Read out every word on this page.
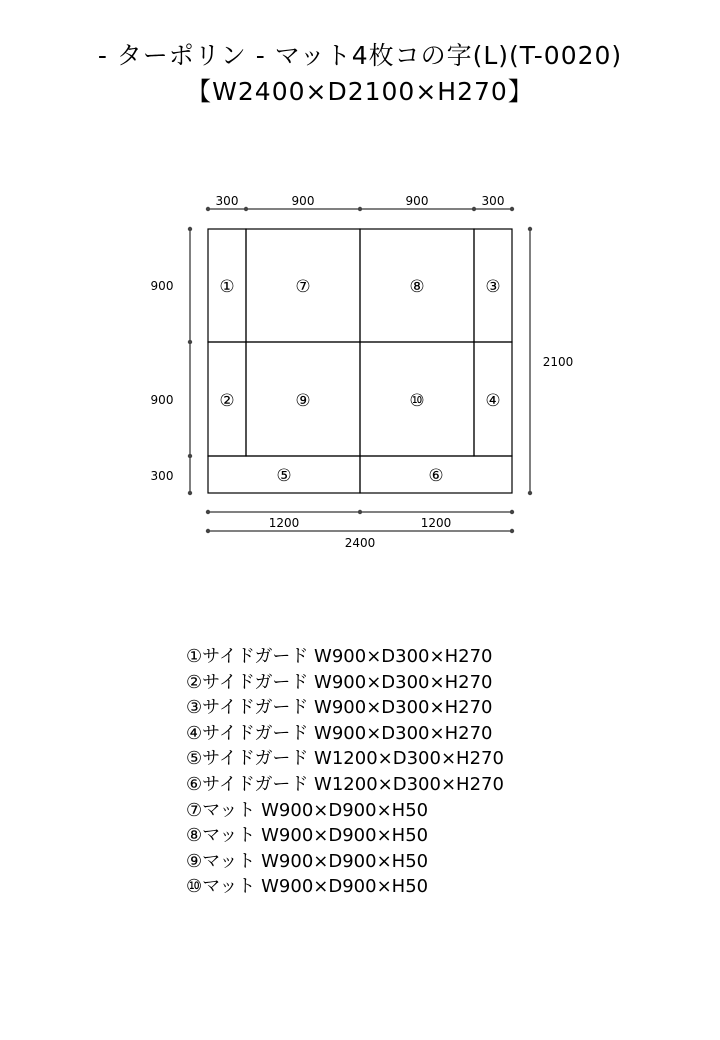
- ターポリン - マット4枚コの字(L)(T-0020)
【W2400×D2100×H270】
300	900	900	300
900
900
300
2100
①
②
③
④
⑤	⑥
⑦	⑧
⑨	⑩
1200	1200
2400
①サイドガード W900×D300×H270
②サイドガード W900×D300×H270
③サイドガード W900×D300×H270
④サイドガード W900×D300×H270
⑤サイドガード W1200×D300×H270
⑥サイドガード W1200×D300×H270
⑦マット W900×D900×H50
⑧マット W900×D900×H50
⑨マット W900×D900×H50
⑩マット W900×D900×H50
